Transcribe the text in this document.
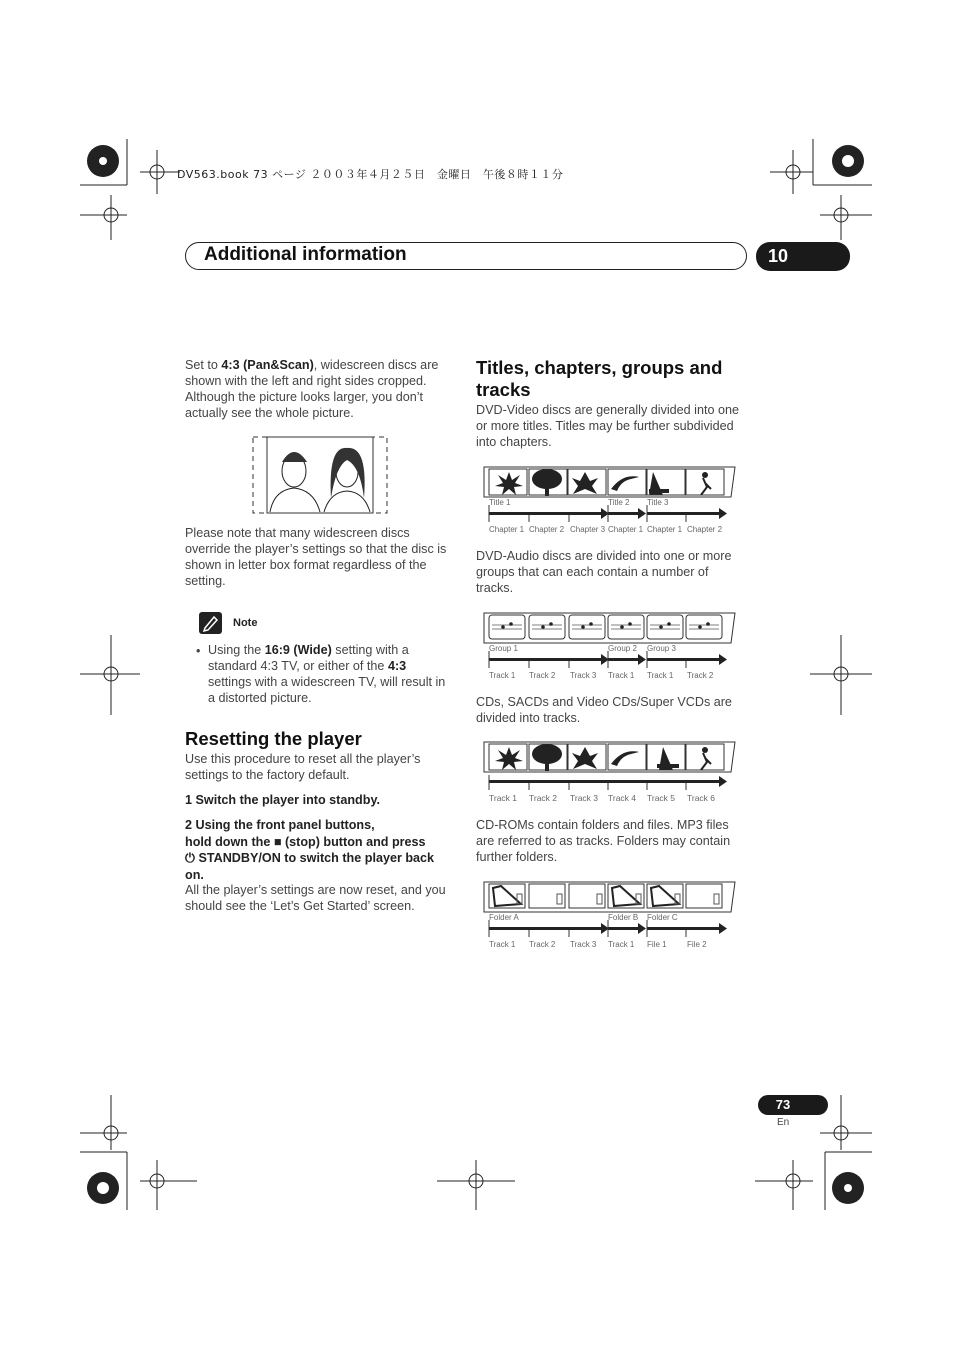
DV563.book 73 ページ ２００３年４月２５日　金曜日　午後８時１１分
Additional information	10
Set to 4:3 (Pan&Scan), widescreen discs are shown with the left and right sides cropped. Although the picture looks larger, you don’t actually see the whole picture.
Please note that many widescreen discs override the player’s settings so that the disc is shown in letter box format regardless of the setting.
Note
• Using the 16:9 (Wide) setting with a standard 4:3 TV, or either of the 4:3 settings with a widescreen TV, will result in a distorted picture.
Resetting the player
Use this procedure to reset all the player’s settings to the factory default.
1 Switch the player into standby.
2 Using the front panel buttons,
hold down the ■ (stop) button and press
⏻ STANDBY/ON to switch the player back
on.
All the player’s settings are now reset, and you should see the ‘Let’s Get Started’ screen.
Titles, chapters, groups and
tracks
DVD-Video discs are generally divided into one or more titles. Titles may be further subdivided into chapters.
Title 1	Title 2 Title 3
Chapter 1 Chapter 2 Chapter 3 Chapter 1 Chapter 1 Chapter 2
DVD-Audio discs are divided into one or more groups that can each contain a number of tracks.
Group 1	Group 2 Group 3
Track 1 Track 2 Track 3 Track 1 Track 1 Track 2
CDs, SACDs and Video CDs/Super VCDs are divided into tracks.
Track 1 Track 2 Track 3 Track 4 Track 5 Track 6
CD-ROMs contain folders and files. MP3 files are referred to as tracks. Folders may contain further folders.
Folder A	Folder B Folder C
Track 1 Track 2 Track 3 Track 1 File 1	File 2
73
En
